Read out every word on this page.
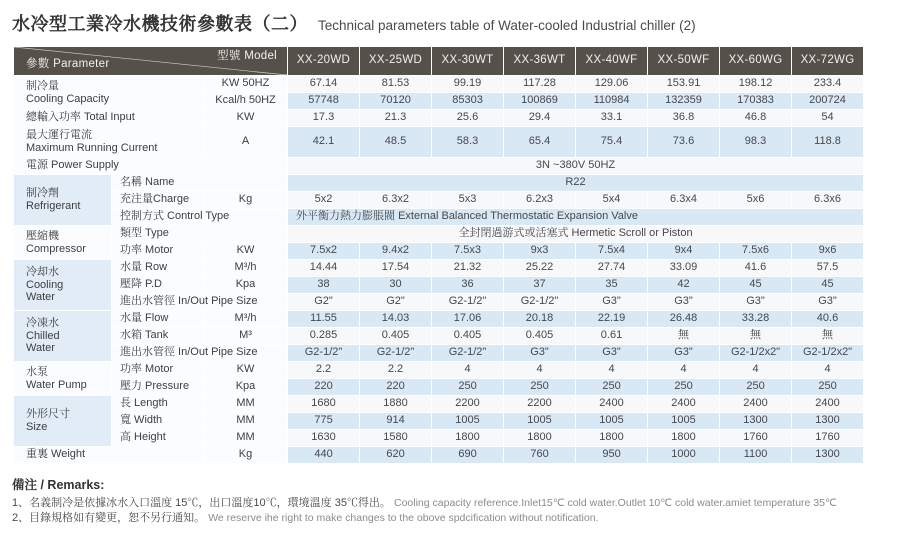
水冷型工業冷水機技術參數表（二） Technical parameters table of Water-cooled Industrial chiller (2)
型號 Model
參數 Parameter			XX-20WD	XX-25WD	XX-30WT	XX-36WT	XX-40WF	XX-50WF	XX-60WG	XX-72WG

制冷量
Cooling Capacity		KW 50HZ	67.14	81.53	99.19	117.28	129.06	153.91	198.12	233.4
		Kcal/h 50HZ	57748	70120	85303	100869	110984	132359	170383	200724
總輸入功率 Total Input		KW	17.3	21.3	25.6	29.4	33.1	36.8	46.8	54

最大運行電流
Maximum Running Current		A	42.1	48.5	58.3	65.4	75.4	73.6	98.3	118.8
電源 Power Supply			3N ~380V 50HZ							

制冷劑
Refrigerant	名稱 Name		R22							
	充注量Charge	Kg	5x2	6.3x2	5x3	6.2x3	5x4	6.3x4	5x6	6.3x6
	控制方式 Control Type		外平衡力熱力膨脹閥 External Balanced Thermostatic Expansion Valve							

壓縮機
Compressor	類型 Type		全封閉過游式或活塞式 Hermetic Scroll or Piston							
	功率 Motor	KW	7.5x2	9.4x2	7.5x3	9x3	7.5x4	9x4	7.5x6	9x6

冷却水
Cooling
Water	水量 Row	M³/h	14.44	17.54	21.32	25.22	27.74	33.09	41.6	57.5
	壓降 P.D	Kpa	38	30	36	37	35	42	45	45
	進出水管徑 In/Out Pipe Size		G2"	G2"	G2-1/2"	G2-1/2"	G3"	G3"	G3"	G3"

冷凍水
Chilled
Water	水量 Flow	M³/h	11.55	14.03	17.06	20.18	22.19	26.48	33.28	40.6
	水箱 Tank	M³	0.285	0.405	0.405	0.405	0.61	無	無	無
	進出水管徑 In/Out Pipe Size		G2-1/2"	G2-1/2"	G2-1/2"	G3"	G3"	G3"	G2-1/2x2"	G2-1/2x2"

水泵
Water Pump	功率 Motor	KW	2.2	2.2	4	4	4	4	4	4
	壓力 Pressure	Kpa	220	220	250	250	250	250	250	250

外形尺寸
Size	長 Length	MM	1680	1880	2200	2200	2400	2400	2400	2400
	寬 Width	MM	775	914	1005	1005	1005	1005	1300	1300
	高 Height	MM	1630	1580	1800	1800	1800	1800	1760	1760
重裏 Weight		Kg	440	620	690	760	950	1000	1100	1300
備注 / Remarks:
1、名義制冷是依據冰水入口溫度 15℃，出口溫度10℃，環境溫度 35℃得出。 Cooling capacity reference.Inlet15℃ cold water.Outlet 10℃ cold water.amiet temperature 35℃
2、目錄規格如有變更，恕不另行通知。 We reserve ihe right to make changes to the obove spdcification without notification.
